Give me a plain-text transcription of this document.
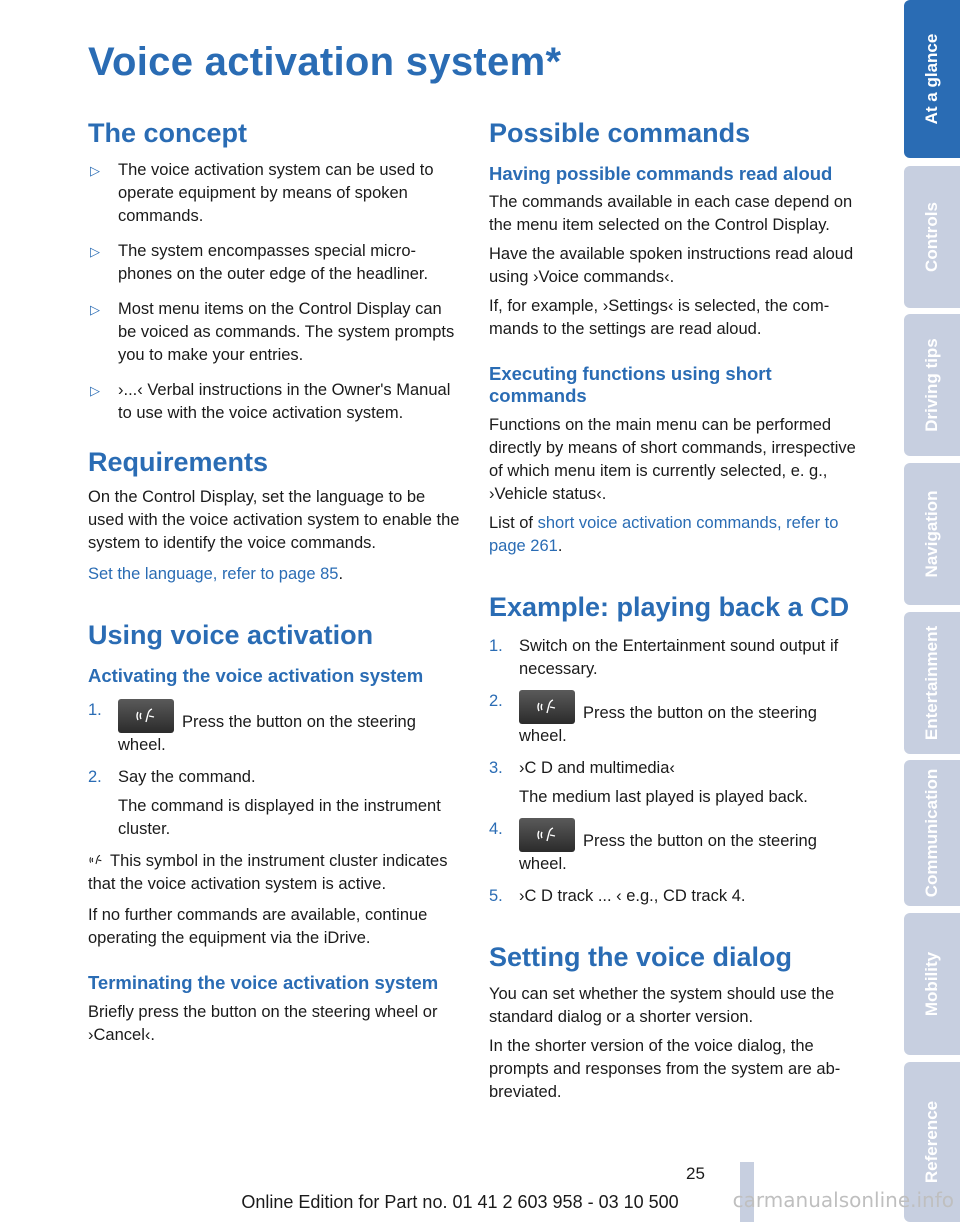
Voice activation system*
The concept
▷ The voice activation system can be used to operate equipment by means of spoken commands.
▷ The system encompasses special microphones on the outer edge of the headliner.
▷ Most menu items on the Control Display can be voiced as commands. The system prompts you to make your entries.
▷ ›...‹ Verbal instructions in the Owner's Manual to use with the voice activation system.
Requirements

On the Control Display, set the language to be used with the voice activation system to enable the system to identify the voice commands.

Set the language, refer to page 85.

Using voice activation
Activating the voice activation system
1.
Press the button on the steering wheel.
2. Say the command.
The command is displayed in the instrument cluster.

This symbol in the instrument cluster indicates that the voice activation system is active.

If no further commands are available, continue operating the equipment via the iDrive.

Terminating the voice activation system

Briefly press the button on the steering wheel or ›Cancel‹.

Possible commands
Having possible commands read aloud

The commands available in each case depend on the menu item selected on the Control Display.

Have the available spoken instructions read aloud using ›Voice commands‹.

If, for example, ›Settings‹ is selected, the commands to the settings are read aloud.

Executing functions using short commands

Functions on the main menu can be performed directly by means of short commands, irrespective of which menu item is currently selected, e. g., ›Vehicle status‹.

List of short voice activation commands, refer to page 261.

Example: playing back a CD
1. Switch on the Entertainment sound output if necessary.
2.
Press the button on the steering wheel.
3. ›C D and multimedia‹
The medium last played is played back.
4.
Press the button on the steering wheel.
5. ›C D track ... ‹ e.g., CD track 4.
Setting the voice dialog

You can set whether the system should use the standard dialog or a shorter version.

In the shorter version of the voice dialog, the prompts and responses from the system are abbreviated.

At a glance
Controls
Driving tips
Navigation
Entertainment
Communication
Mobility
Reference
25
Online Edition for Part no. 01 41 2 603 958 - 03 10 500	carmanualsonline.info
